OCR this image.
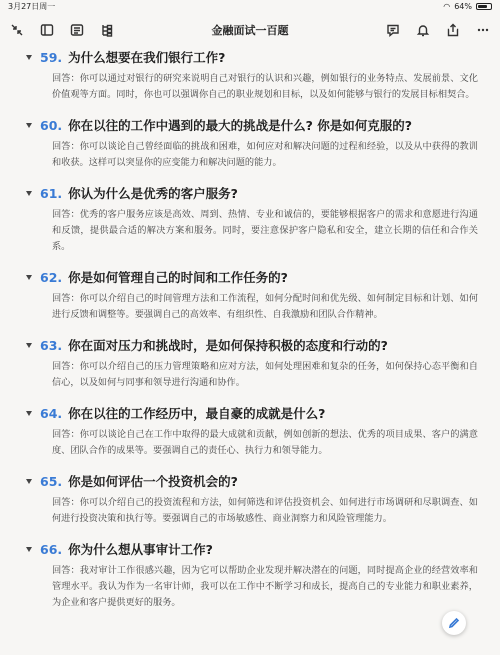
3月27日周一	◠ 64%
金融面试一百题
59. 为什么想要在我们银行工作?
回答：你可以通过对银行的研究来说明自己对银行的认识和兴趣，例如银行的业务特点、发展前景、文化价值观等方面。同时，你也可以强调你自己的职业规划和目标，以及如何能够与银行的发展目标相契合。
60. 你在以往的工作中遇到的最大的挑战是什么? 你是如何克服的?
回答：你可以谈论自己曾经面临的挑战和困难，如何应对和解决问题的过程和经验，以及从中获得的教训和收获。这样可以突显你的应变能力和解决问题的能力。
61. 你认为什么是优秀的客户服务?
回答：优秀的客户服务应该是高效、周到、热情、专业和诚信的，要能够根据客户的需求和意愿进行沟通和反馈，提供最合适的解决方案和服务。同时，要注意保护客户隐私和安全，建立长期的信任和合作关系。
62. 你是如何管理自己的时间和工作任务的?
回答：你可以介绍自己的时间管理方法和工作流程，如何分配时间和优先级、如何制定目标和计划、如何进行反馈和调整等。要强调自己的高效率、有组织性、自我激励和团队合作精神。
63. 你在面对压力和挑战时，是如何保持积极的态度和行动的?
回答：你可以介绍自己的压力管理策略和应对方法，如何处理困难和复杂的任务，如何保持心态平衡和自信心，以及如何与同事和领导进行沟通和协作。
64. 你在以往的工作经历中，最自豪的成就是什么?
回答：你可以谈论自己在工作中取得的最大成就和贡献，例如创新的想法、优秀的项目成果、客户的满意度、团队合作的成果等。要强调自己的责任心、执行力和领导能力。
65. 你是如何评估一个投资机会的?
回答：你可以介绍自己的投资流程和方法，如何筛选和评估投资机会、如何进行市场调研和尽职调查、如何进行投资决策和执行等。要强调自己的市场敏感性、商业洞察力和风险管理能力。
66. 你为什么想从事审计工作?
回答：我对审计工作很感兴趣，因为它可以帮助企业发现并解决潜在的问题，同时提高企业的经营效率和管理水平。我认为作为一名审计师，我可以在工作中不断学习和成长，提高自己的专业能力和职业素养，为企业和客户提供更好的服务。
